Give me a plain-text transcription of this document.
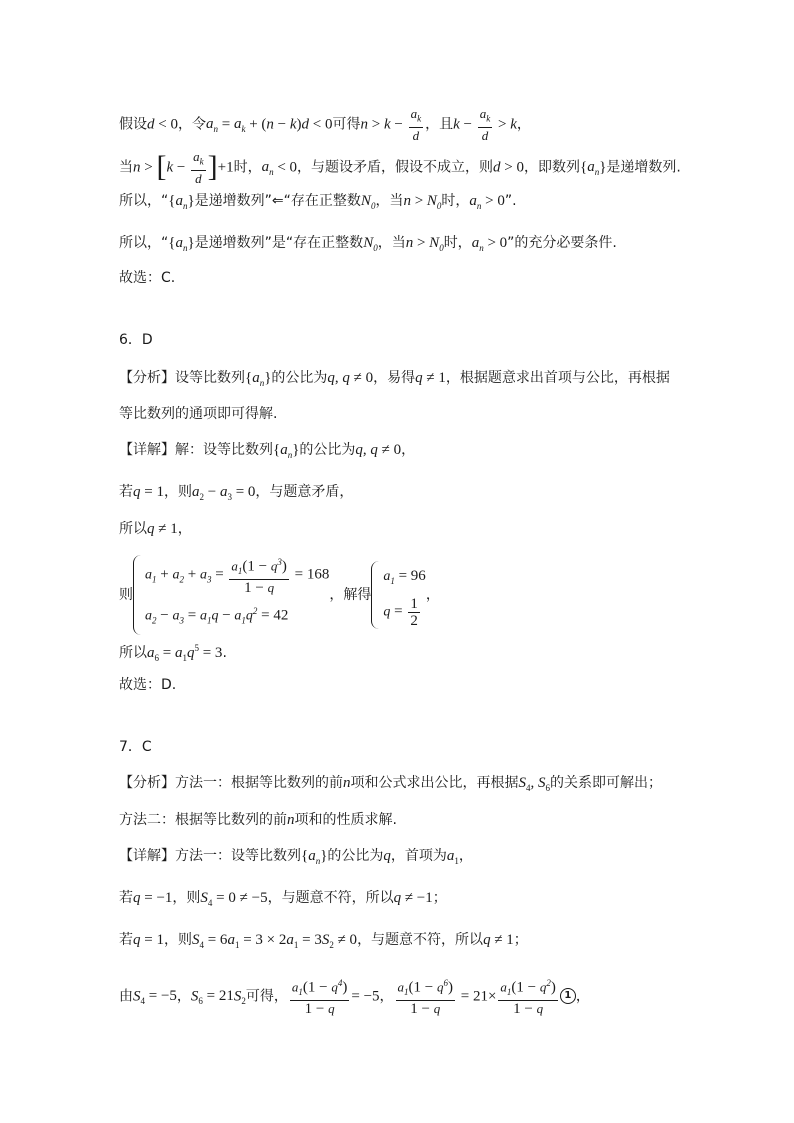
假设d < 0，令$a_n = a_k + (n - k)d < 0$可得$n > k - \frac{a_k}{d}$ ，且$k - \frac{a_k}{d} > k$，
当$n > [k - \frac{a_k}{d} ]+1$时，$a_n < 0$，与题设矛盾，假设不成立，则d > 0，即数列$\{a_n\}$是递增数列.
所以，“$\{a_n\}$是递增数列”⇐“存在正整数$N_0$，当$n > N_0$时，$a_n > 0$”.
所以，“$\{a_n\}$是递增数列”是“存在正整数$N_0$，当$n > N_0$时，$a_n > 0$”的充分必要条件.
故选：C.
6．D
【分析】设等比数列$\{a_n\}$的公比为q, q ≠ 0，易得q ≠ 1，根据题意求出首项与公比，再根据
等比数列的通项即可得解.
【详解】解：设等比数列$\{a_n\}$的公比为q, q ≠ 0，
若q = 1，则$a_2 - a_3 = 0$，与题意矛盾，
所以q ≠ 1，
则
$a_1 + a_2 + a_3 = \frac{a_1(1 - q^3)}{1 - q} = 168$
$a_2 - a_3 = a_1q - a_1q^2 = 42$
，解得
$a_1 = 96$
$q = \frac{1}{2}$
，
所以$a_6 = a_1q^5 = 3$.
故选：D.
7．C
【分析】方法一：根据等比数列的前n项和公式求出公比，再根据$S_4$, $S_6$的关系即可解出；
方法二：根据等比数列的前n项和的性质求解.
【详解】方法一：设等比数列$\{a_n\}$的公比为q，首项为$a_1$，
若q = −1，则$S_4 = 0 \ne -5$，与题意不符，所以q ≠ −1；
若q = 1，则$S_4 = 6a_1 = 3 \times 2a_1 = 3S_2 \ne 0$，与题意不符，所以q ≠ 1；
由$S_4 = -5$，$S_6 = 21S_2$可得， $\frac{a_1(1 - q^4)}{1 - q} = -5$， $\frac{a_1(1 - q^6)}{1 - q} = 21\times \frac{a_1(1 - q^2)}{1 - q} 1$ ，
